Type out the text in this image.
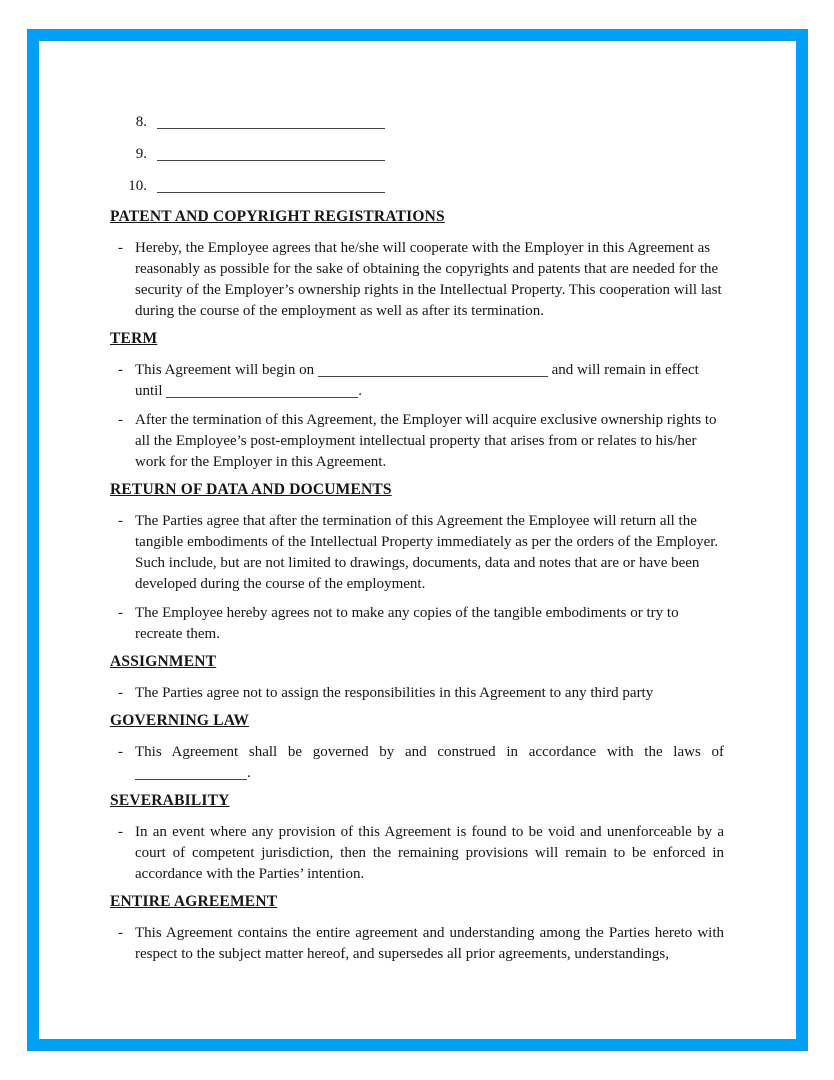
8.
9.
10.
PATENT AND COPYRIGHT REGISTRATIONS
- Hereby, the Employee agrees that he/she will cooperate with the Employer in this Agreement as reasonably as possible for the sake of obtaining the copyrights and patents that are needed for the security of the Employer’s ownership rights in the Intellectual Property. This cooperation will last during the course of the employment as well as after its termination.

TERM
- This Agreement will begin on	and will remain in effect until	.

- After the termination of this Agreement, the Employer will acquire exclusive ownership rights to all the Employee’s post-employment intellectual property that arises from or relates to his/her work for the Employer in this Agreement.

RETURN OF DATA AND DOCUMENTS
- The Parties agree that after the termination of this Agreement the Employee will return all the tangible embodiments of the Intellectual Property immediately as per the orders of the Employer. Such include, but are not limited to drawings, documents, data and notes that are or have been developed during the course of the employment.

- The Employee hereby agrees not to make any copies of the tangible embodiments or try to recreate them.

ASSIGNMENT
- The Parties agree not to assign the responsibilities in this Agreement to any third party

GOVERNING LAW
- This Agreement shall be governed by and construed in accordance with the laws of .

SEVERABILITY
- In an event where any provision of this Agreement is found to be void and unenforceable by a court of competent jurisdiction, then the remaining provisions will remain to be enforced in accordance with the Parties’ intention.

ENTIRE AGREEMENT
- This Agreement contains the entire agreement and understanding among the Parties hereto with respect to the subject matter hereof, and supersedes all prior agreements, understandings,
